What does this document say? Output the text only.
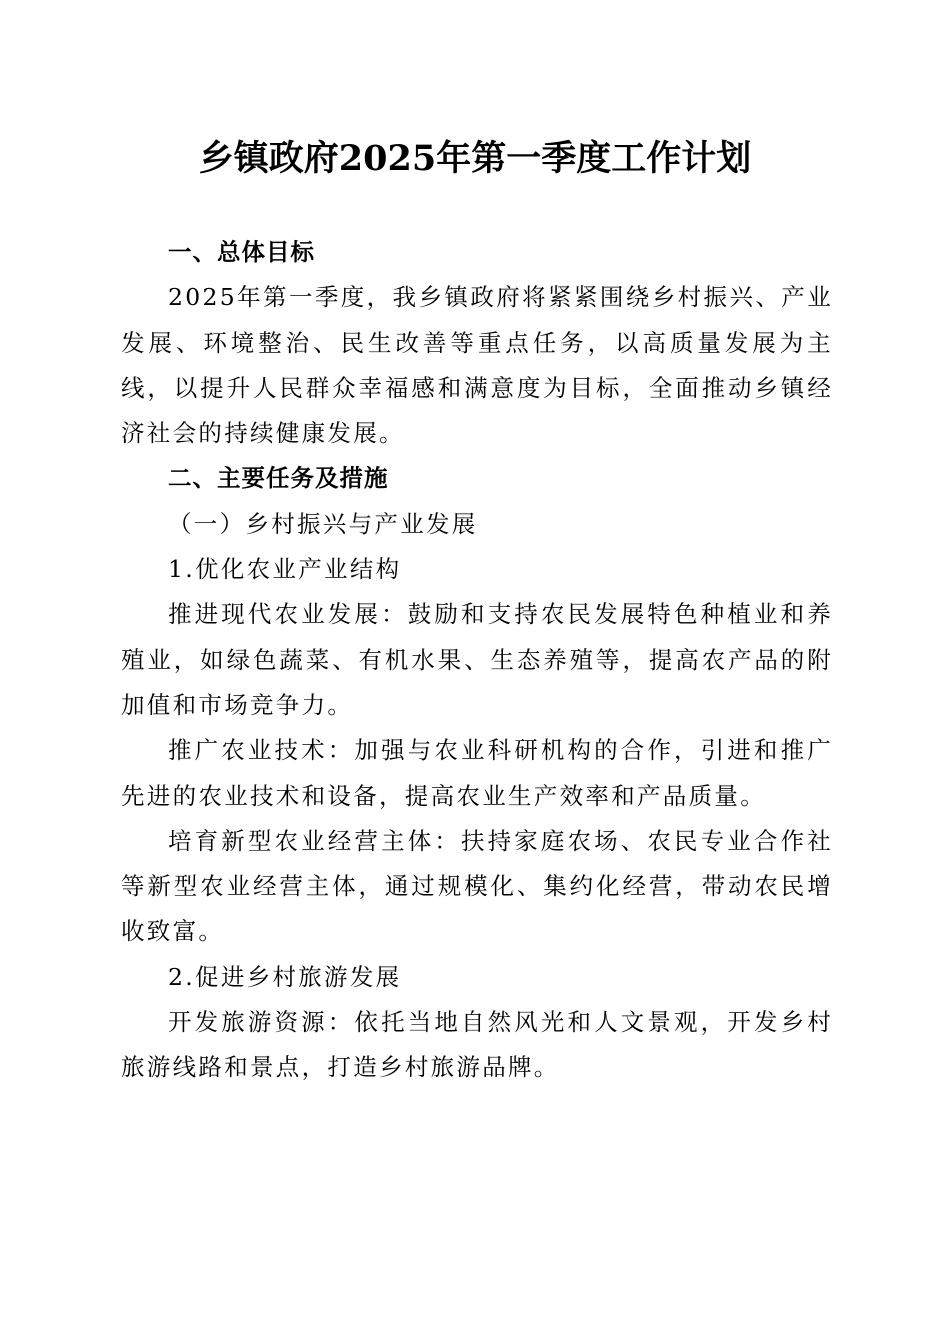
乡镇政府2025年第一季度工作计划

一、总体目标

2025年第一季度，我乡镇政府将紧紧围绕乡村振兴、产业发展、环境整治、民生改善等重点任务，以高质量发展为主线，以提升人民群众幸福感和满意度为目标，全面推动乡镇经济社会的持续健康发展。

二、主要任务及措施

（一）乡村振兴与产业发展

1.优化农业产业结构

推进现代农业发展：鼓励和支持农民发展特色种植业和养殖业，如绿色蔬菜、有机水果、生态养殖等，提高农产品的附加值和市场竞争力。

推广农业技术：加强与农业科研机构的合作，引进和推广先进的农业技术和设备，提高农业生产效率和产品质量。

培育新型农业经营主体：扶持家庭农场、农民专业合作社等新型农业经营主体，通过规模化、集约化经营，带动农民增收致富。

2.促进乡村旅游发展

开发旅游资源：依托当地自然风光和人文景观，开发乡村旅游线路和景点，打造乡村旅游品牌。
